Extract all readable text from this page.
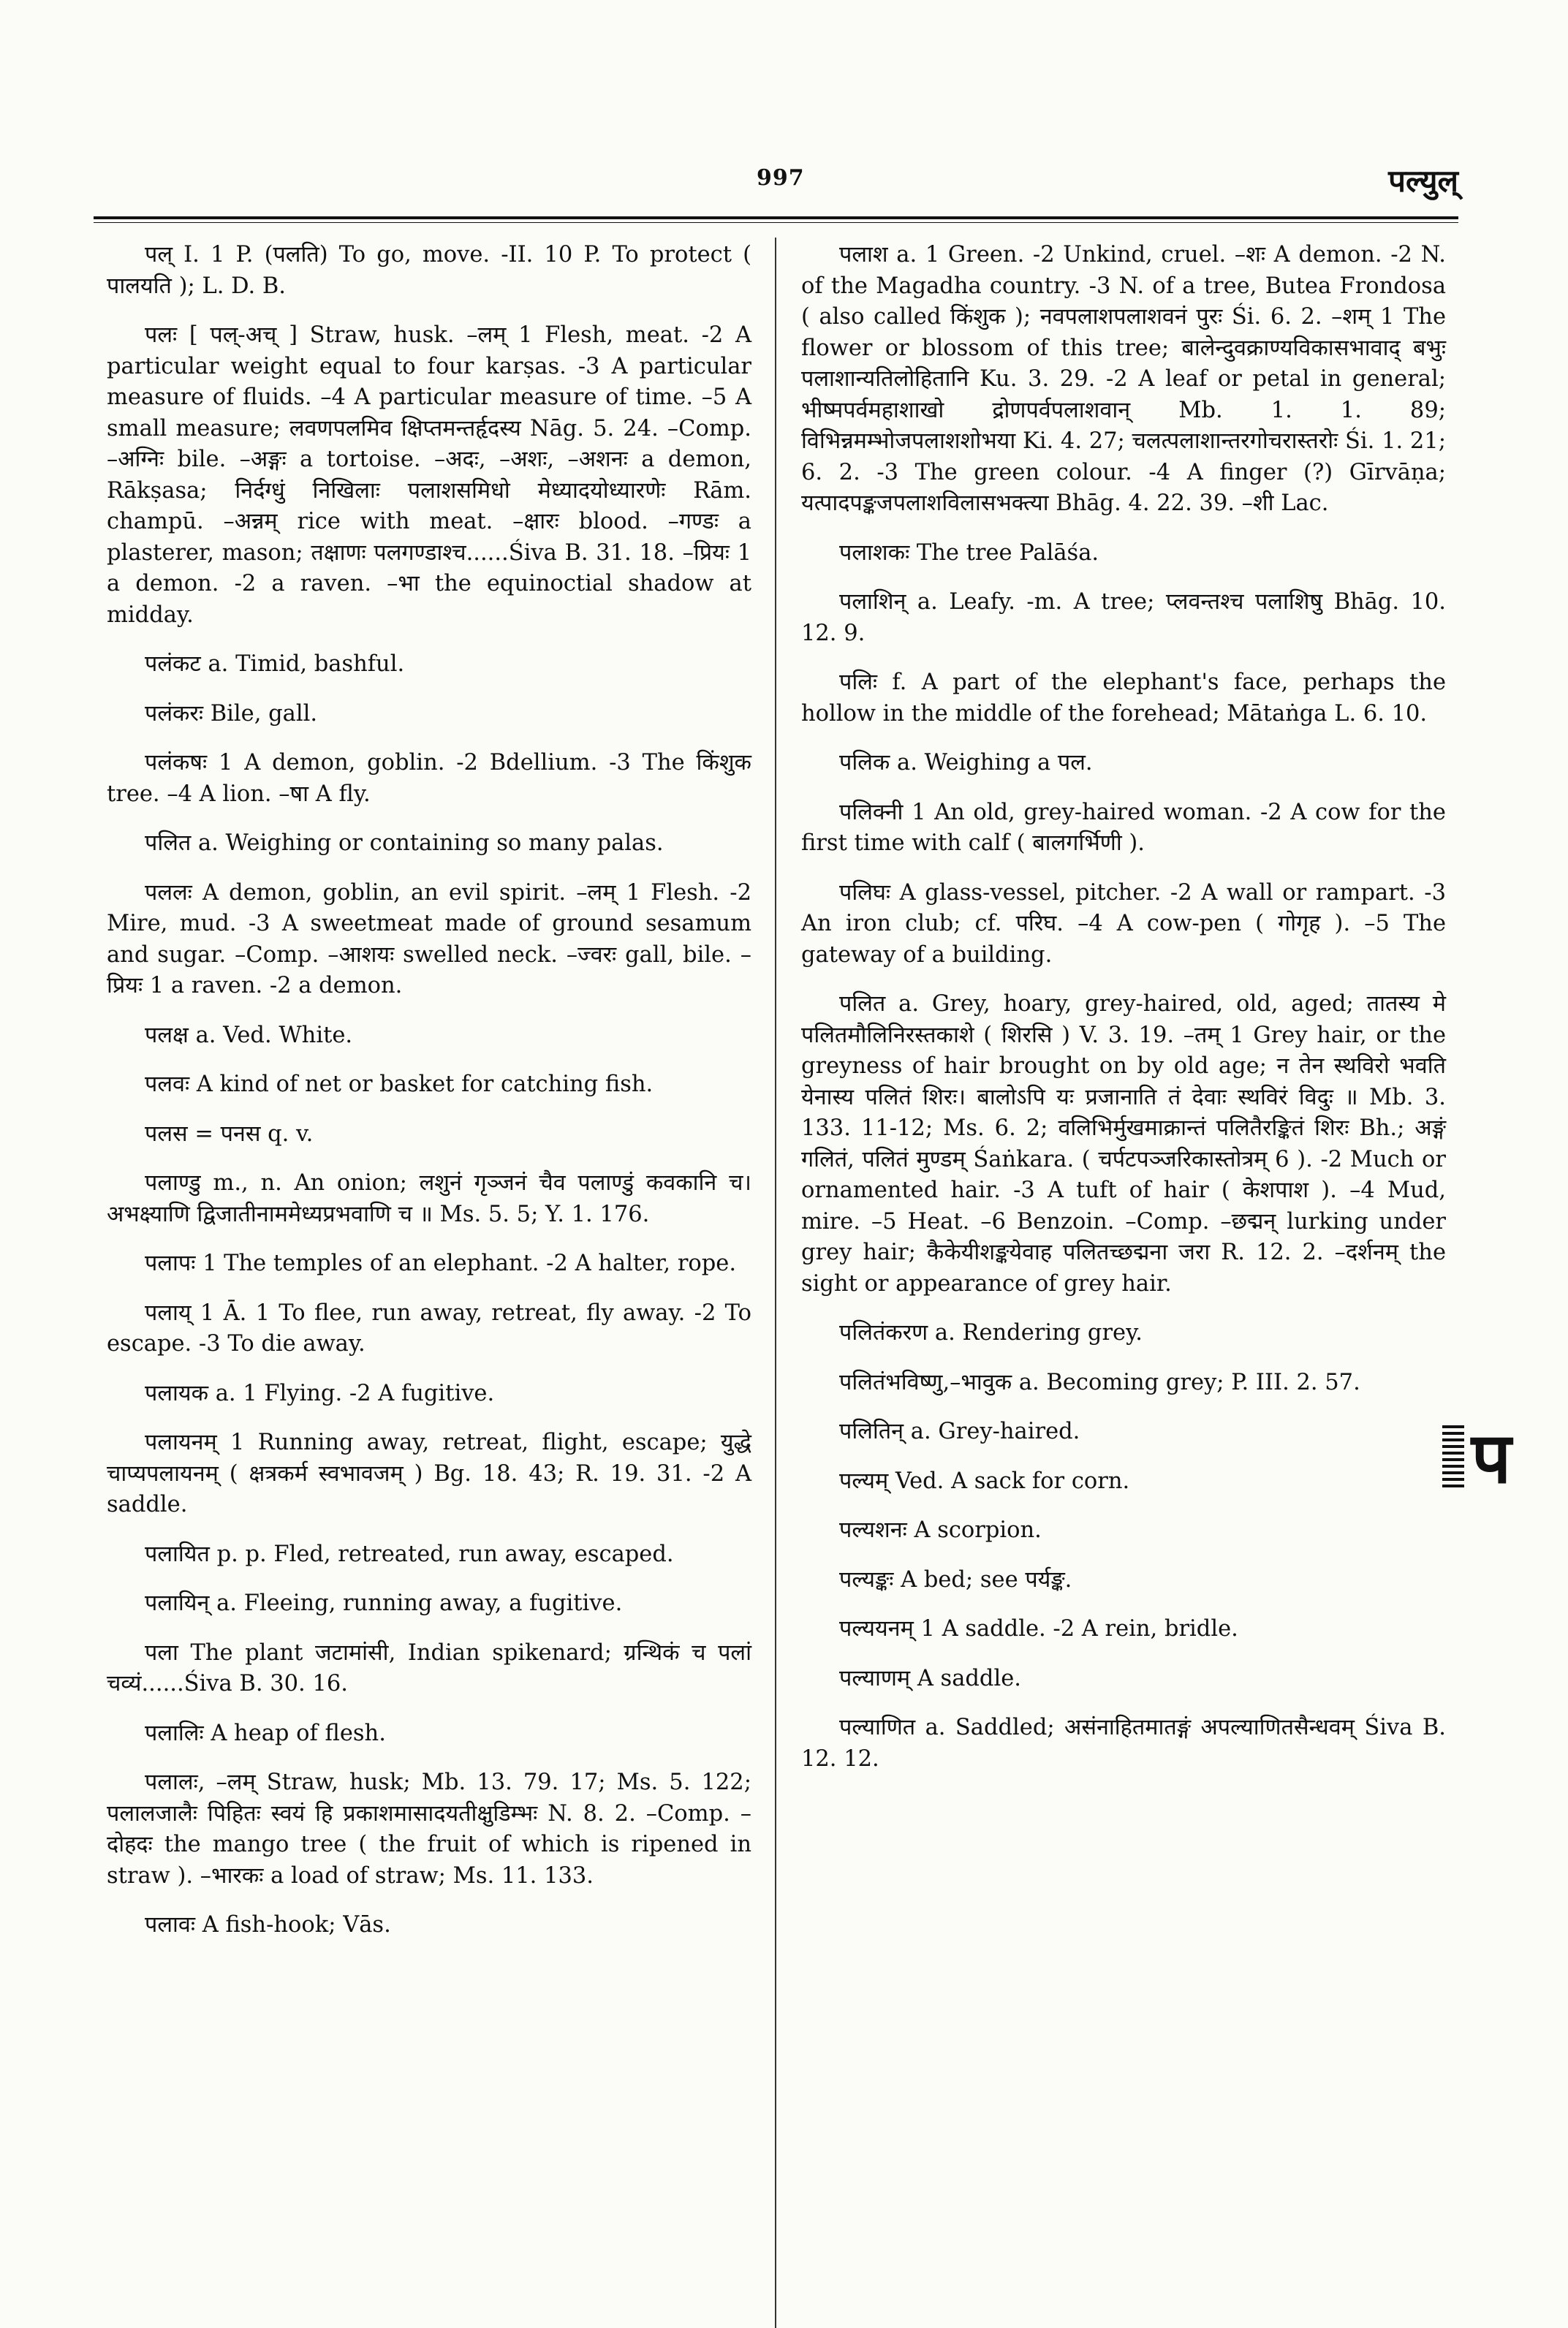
997	पल्युल्

पल् I. 1 P. (पलति) To go, move. -II. 10 P. To protect ( पालयति ); L. D. B.

पलः [ पल्-अच् ] Straw, husk. –लम् 1 Flesh, meat. -2 A particular weight equal to four karṣas. -3 A particular measure of fluids. –4 A particular measure of time. –5 A small measure; लवणपलमिव क्षिप्तमन्तर्हृदस्य Nāg. 5. 24. –Comp. –अग्निः bile. –अङ्गः a tortoise. –अदः, –अशः, –अशनः a demon, Rākṣasa; निर्दग्धुं निखिलाः पलाशसमिधो मेध्यादयोध्यारणेः Rām. champū. –अन्नम् rice with meat. –क्षारः blood. –गण्डः a plasterer, mason; तक्षाणः पलगण्डाश्च......Śiva B. 31. 18. –प्रियः 1 a demon. -2 a raven. –भा the equinoctial shadow at midday.

पलंकट a. Timid, bashful.

पलंकरः Bile, gall.

पलंकषः 1 A demon, goblin. -2 Bdellium. -3 The किंशुक tree. –4 A lion. –षा A fly.

पलित a. Weighing or containing so many palas.

पललः A demon, goblin, an evil spirit. –लम् 1 Flesh. -2 Mire, mud. -3 A sweetmeat made of ground sesamum and sugar. –Comp. –आशयः swelled neck. –ज्वरः gall, bile. –प्रियः 1 a raven. -2 a demon.

पलक्ष a. Ved. White.

पलवः A kind of net or basket for catching fish.

पलस = पनस q. v.

पलाण्डु m., n. An onion; लशुनं गृञ्जनं चैव पलाण्डुं कवकानि च। अभक्ष्याणि द्विजातीनाममेध्यप्रभवाणि च ॥ Ms. 5. 5; Y. 1. 176.

पलापः 1 The temples of an elephant. -2 A halter, rope.

पलाय् 1 Ā. 1 To flee, run away, retreat, fly away. -2 To escape. -3 To die away.

पलायक a. 1 Flying. -2 A fugitive.

पलायनम् 1 Running away, retreat, flight, escape; युद्धे चाप्यपलायनम् ( क्षत्रकर्म स्वभावजम् ) Bg. 18. 43; R. 19. 31. -2 A saddle.

पलायित p. p. Fled, retreated, run away, escaped.

पलायिन् a. Fleeing, running away, a fugitive.

पला The plant जटामांसी, Indian spikenard; ग्रन्थिकं च पलां चव्यं......Śiva B. 30. 16.

पलालिः A heap of flesh.

पलालः, –लम् Straw, husk; Mb. 13. 79. 17; Ms. 5. 122; पलालजालैः पिहितः स्वयं हि प्रकाशमासादयतीक्षुडिम्भः N. 8. 2. –Comp. –दोहदः the mango tree ( the fruit of which is ripened in straw ). –भारकः a load of straw; Ms. 11. 133.

पलावः A fish-hook; Vās.

पलाश a. 1 Green. -2 Unkind, cruel. –शः A demon. -2 N. of the Magadha country. -3 N. of a tree, Butea Frondosa ( also called किंशुक ); नवपलाशपलाशवनं पुरः Śi. 6. 2. –शम् 1 The flower or blossom of this tree; बालेन्दुवक्राण्यविकासभावाद् बभुः पलाशान्यतिलोहितानि Ku. 3. 29. -2 A leaf or petal in general; भीष्मपर्वमहाशाखो द्रोणपर्वपलाशवान् Mb. 1. 1. 89; विभिन्नमम्भोजपलाशशोभया Ki. 4. 27; चलत्पलाशान्तरगोचरास्तरोः Śi. 1. 21; 6. 2. -3 The green colour. -4 A finger (?) Gīrvāṇa; यत्पादपङ्कजपलाशविलासभक्त्या Bhāg. 4. 22. 39. –शी Lac.

पलाशकः The tree Palāśa.

पलाशिन् a. Leafy. -m. A tree; प्लवन्तश्च पलाशिषु Bhāg. 10. 12. 9.

पलिः f. A part of the elephant's face, perhaps the hollow in the middle of the forehead; Mātaṅga L. 6. 10.

पलिक a. Weighing a पल.

पलिक्नी 1 An old, grey-haired woman. -2 A cow for the first time with calf ( बालगर्भिणी ).

पलिघः A glass-vessel, pitcher. -2 A wall or rampart. -3 An iron club; cf. परिघ. –4 A cow-pen ( गोगृह ). –5 The gateway of a building.

पलित a. Grey, hoary, grey-haired, old, aged; तातस्य मे पलितमौलिनिरस्तकाशे ( शिरसि ) V. 3. 19. –तम् 1 Grey hair, or the greyness of hair brought on by old age; न तेन स्थविरो भवति येनास्य पलितं शिरः। बालोऽपि यः प्रजानाति तं देवाः स्थविरं विदुः ॥ Mb. 3. 133. 11-12; Ms. 6. 2; वलिभिर्मुखमाक्रान्तं पलितैरङ्कितं शिरः Bh.; अङ्गं गलितं, पलितं मुण्डम् Śaṅkara. ( चर्पटपञ्जरिकास्तोत्रम् 6 ). -2 Much or ornamented hair. -3 A tuft of hair ( केशपाश ). –4 Mud, mire. –5 Heat. –6 Benzoin. –Comp. –छद्मन् lurking under grey hair; कैकेयीशङ्कयेवाह पलितच्छद्मना जरा R. 12. 2. –दर्शनम् the sight or appearance of grey hair.

पलितंकरण a. Rendering grey.

पलितंभविष्णु,–भावुक a. Becoming grey; P. III. 2. 57.

पलितिन् a. Grey-haired.

पल्यम् Ved. A sack for corn.

पल्यशनः A scorpion.

पल्यङ्कः A bed; see पर्यङ्क.

पल्ययनम् 1 A saddle. -2 A rein, bridle.

पल्याणम् A saddle.

पल्याणित a. Saddled; असंनाहितमातङ्गं अपल्याणितसैन्धवम् Śiva B. 12. 12.

प
